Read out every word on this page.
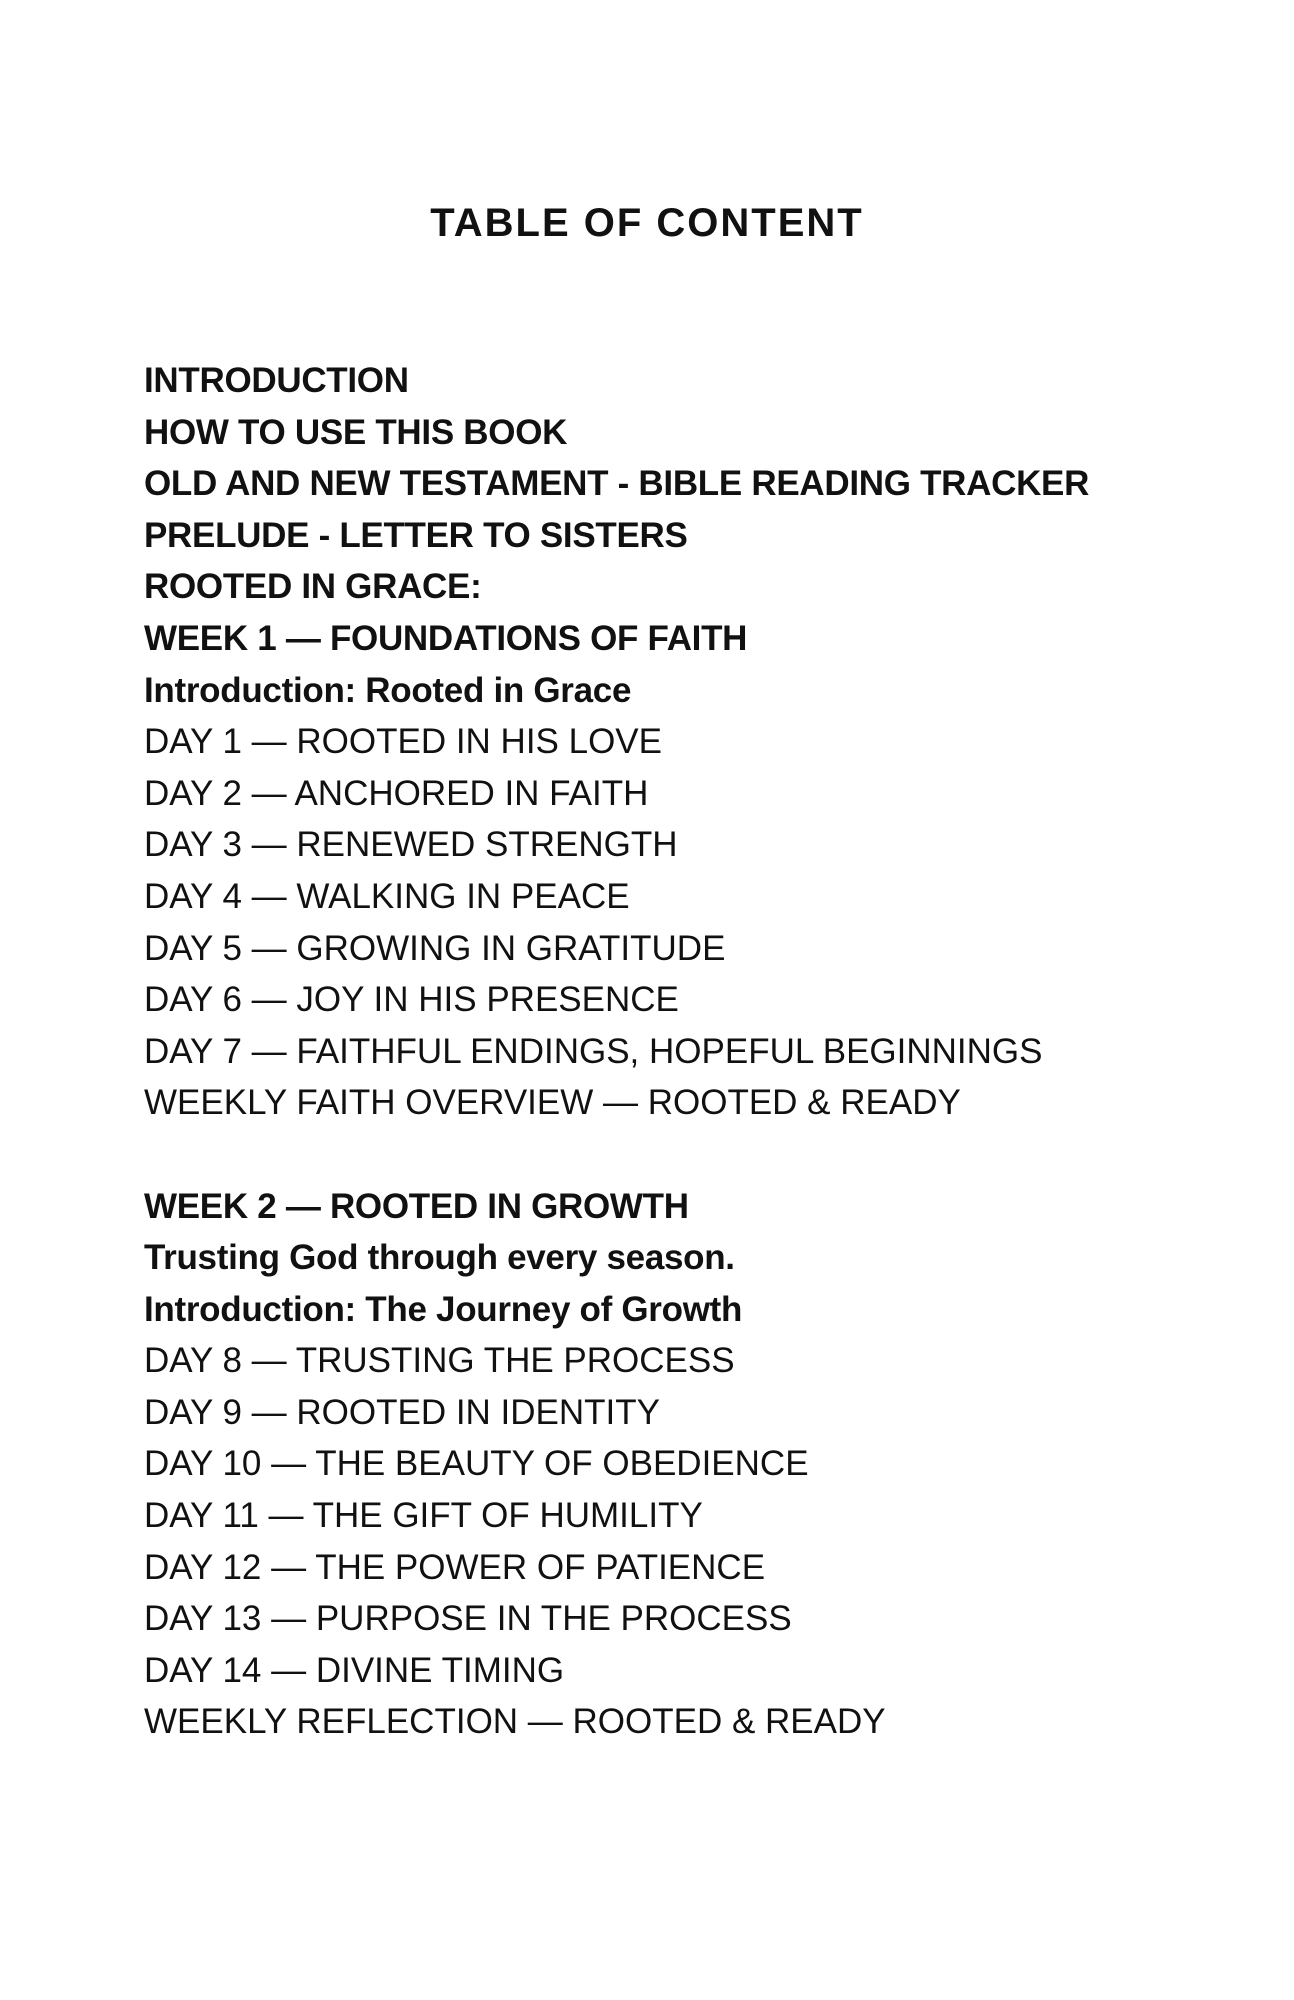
TABLE OF CONTENT
INTRODUCTION
HOW TO USE THIS BOOK
OLD AND NEW TESTAMENT - BIBLE READING TRACKER
PRELUDE - LETTER TO SISTERS
ROOTED IN GRACE:
WEEK 1 — FOUNDATIONS OF FAITH
Introduction: Rooted in Grace
DAY 1 — ROOTED IN HIS LOVE
DAY 2 — ANCHORED IN FAITH
DAY 3 — RENEWED STRENGTH
DAY 4 — WALKING IN PEACE
DAY 5 — GROWING IN GRATITUDE
DAY 6 — JOY IN HIS PRESENCE
DAY 7 — FAITHFUL ENDINGS, HOPEFUL BEGINNINGS
WEEKLY FAITH OVERVIEW — ROOTED & READY
WEEK 2 — ROOTED IN GROWTH
Trusting God through every season.
Introduction: The Journey of Growth
DAY 8 — TRUSTING THE PROCESS
DAY 9 — ROOTED IN IDENTITY
DAY 10 — THE BEAUTY OF OBEDIENCE
DAY 11 — THE GIFT OF HUMILITY
DAY 12 — THE POWER OF PATIENCE
DAY 13 — PURPOSE IN THE PROCESS
DAY 14 — DIVINE TIMING
WEEKLY REFLECTION — ROOTED & READY
